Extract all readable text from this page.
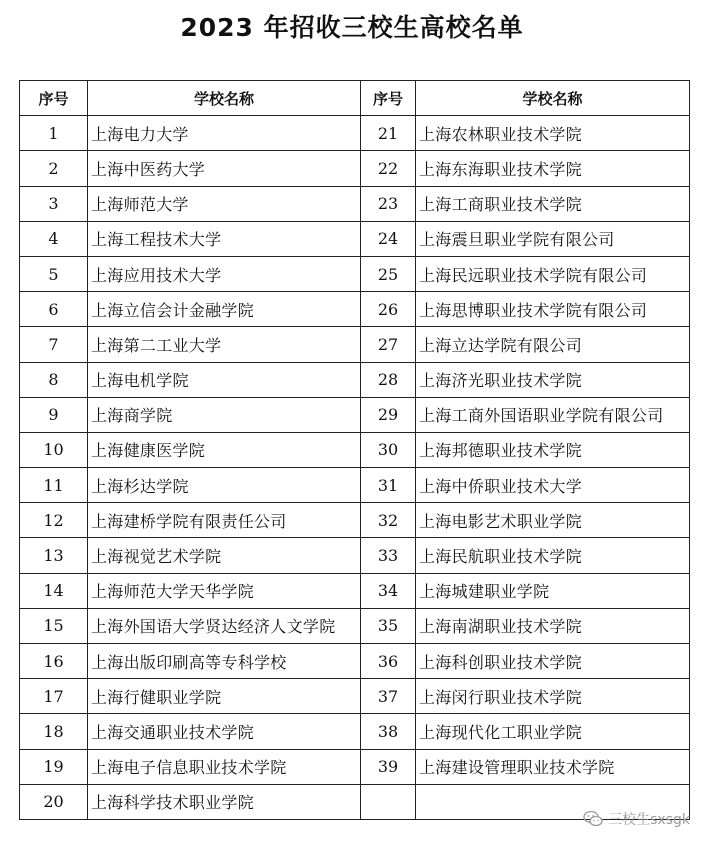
2023 年招收三校生高校名单
序号	学校名称	序号	学校名称
1	上海电力大学	21	上海农林职业技术学院
2	上海中医药大学	22	上海东海职业技术学院
3	上海师范大学	23	上海工商职业技术学院
4	上海工程技术大学	24	上海震旦职业学院有限公司
5	上海应用技术大学	25	上海民远职业技术学院有限公司
6	上海立信会计金融学院	26	上海思博职业技术学院有限公司
7	上海第二工业大学	27	上海立达学院有限公司
8	上海电机学院	28	上海济光职业技术学院
9	上海商学院	29	上海工商外国语职业学院有限公司
10	上海健康医学院	30	上海邦德职业技术学院
11	上海杉达学院	31	上海中侨职业技术大学
12	上海建桥学院有限责任公司	32	上海电影艺术职业学院
13	上海视觉艺术学院	33	上海民航职业技术学院
14	上海师范大学天华学院	34	上海城建职业学院
15	上海外国语大学贤达经济人文学院	35	上海南湖职业技术学院
16	上海出版印刷高等专科学校	36	上海科创职业技术学院
17	上海行健职业学院	37	上海闵行职业技术学院
18	上海交通职业技术学院	38	上海现代化工职业学院
19	上海电子信息职业技术学院	39	上海建设管理职业技术学院
20	上海科学技术职业学院		
三校生sxsgk
